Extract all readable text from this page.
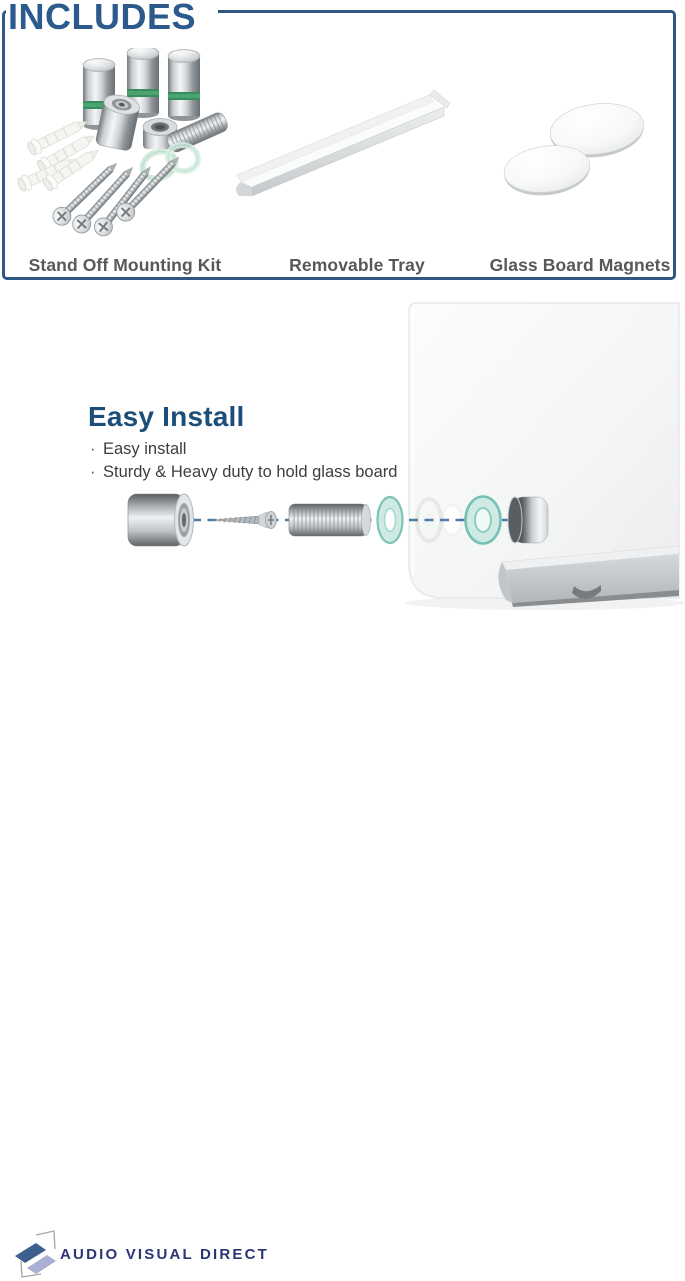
Stand Off Mounting Kit	Removable Tray	Glass Board Magnets
INCLUDES
Easy Install
· Easy install
· Sturdy & Heavy duty to hold glass board
AUDIO VISUAL DIRECT
